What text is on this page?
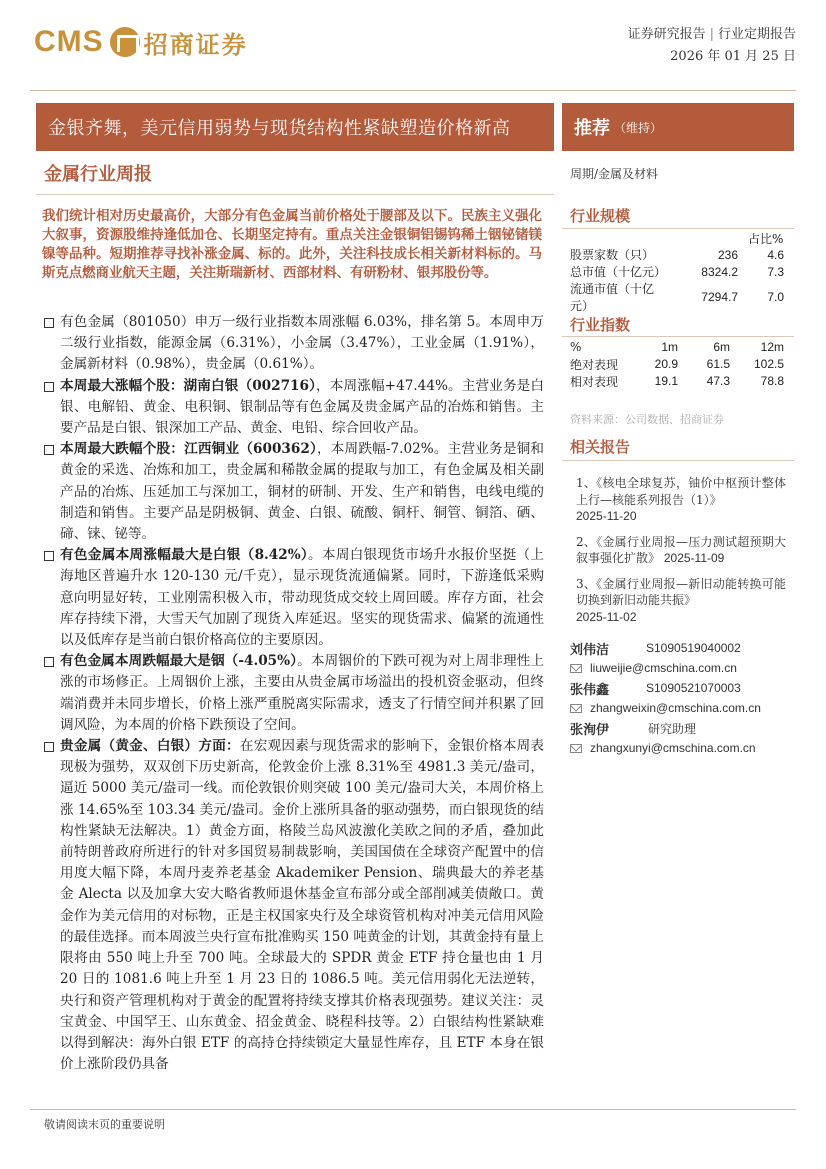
CMS 招商证券	证券研究报告 | 行业定期报告
2026 年 01 月 25 日
金银齐舞，美元信用弱势与现货结构性紧缺塑造价格新高	推荐 （维持）
金属行业周报	周期/金属及材料
我们统计相对历史最高价，大部分有色金属当前价格处于腰部及以下。民族主义强化大叙事，资源股维持逢低加仓、长期坚定持有。重点关注金银铜铝锡钨稀土铟铋锗镁镍等品种。短期推荐寻找补涨金属、标的。此外，关注科技成长相关新材料标的。马斯克点燃商业航天主题，关注斯瑞新材、西部材料、有研粉材、银邦股份等。
有色金属（801050）申万一级行业指数本周涨幅 6.03%，排名第 5。本周申万二级行业指数，能源金属（6.31%），小金属（3.47%），工业金属（1.91%），金属新材料（0.98%），贵金属（0.61%）。
本周最大涨幅个股：湖南白银（002716），本周涨幅+47.44%。主营业务是白银、电解铅、黄金、电积铜、银制品等有色金属及贵金属产品的冶炼和销售。主要产品是白银、银深加工产品、黄金、电铅、综合回收产品。
本周最大跌幅个股：江西铜业（600362），本周跌幅-7.02%。主营业务是铜和黄金的采选、冶炼和加工，贵金属和稀散金属的提取与加工，有色金属及相关副产品的冶炼、压延加工与深加工，铜材的研制、开发、生产和销售，电线电缆的制造和销售。主要产品是阴极铜、黄金、白银、硫酸、铜杆、铜管、铜箔、硒、碲、铼、铋等。
有色金属本周涨幅最大是白银（8.42%）。本周白银现货市场升水报价坚挺（上海地区普遍升水 120-130 元/千克），显示现货流通偏紧。同时，下游逢低采购意向明显好转，工业刚需积极入市，带动现货成交较上周回暖。库存方面，社会库存持续下滑，大雪天气加剧了现货入库延迟。坚实的现货需求、偏紧的流通性以及低库存是当前白银价格高位的主要原因。
有色金属本周跌幅最大是铟（-4.05%）。本周铟价的下跌可视为对上周非理性上涨的市场修正。上周铟价上涨，主要由从贵金属市场溢出的投机资金驱动，但终端消费并未同步增长，价格上涨严重脱离实际需求，透支了行情空间并积累了回调风险，为本周的价格下跌预设了空间。
贵金属（黄金、白银）方面：在宏观因素与现货需求的影响下，金银价格本周表现极为强势，双双创下历史新高，伦敦金价上涨 8.31%至 4981.3 美元/盎司，逼近 5000 美元/盎司一线。而伦敦银价则突破 100 美元/盎司大关，本周价格上涨 14.65%至 103.34 美元/盎司。金价上涨所具备的驱动强势，而白银现货的结构性紧缺无法解决。1）黄金方面，格陵兰岛风波激化美欧之间的矛盾，叠加此前特朗普政府所进行的针对多国贸易制裁影响，美国国债在全球资产配置中的信用度大幅下降，本周丹麦养老基金 Akademiker Pension、瑞典最大的养老基金 Alecta 以及加拿大安大略省教师退休基金宣布部分或全部削减美债敞口。黄金作为美元信用的对标物，正是主权国家央行及全球资管机构对冲美元信用风险的最佳选择。而本周波兰央行宣布批准购买 150 吨黄金的计划，其黄金持有量上限将由 550 吨上升至 700 吨。全球最大的 SPDR 黄金 ETF 持仓量也由 1 月 20 日的 1081.6 吨上升至 1 月 23 日的 1086.5 吨。美元信用弱化无法逆转，央行和资产管理机构对于黄金的配置将持续支撑其价格表现强势。建议关注：灵宝黄金、中国罕王、山东黄金、招金黄金、晓程科技等。2）白银结构性紧缺难以得到解决：海外白银 ETF 的高持仓持续锁定大量显性库存，且 ETF 本身在银价上涨阶段仍具备
行业规模
占比%
股票家数（只）	236	4.6
总市值（十亿元）	8324.2	7.3
流通市值（十亿元）	7294.7	7.0
行业指数
%	1m	6m	12m
绝对表现	20.9	61.5	102.5
相对表现	19.1	47.3	78.8
资料来源：公司数据、招商证券
相关报告
1、《核电全球复苏，铀价中枢预计整体上行—核能系列报告（1）》
2025-11-20
2、《金属行业周报—压力测试超预期大叙事强化扩散》 2025-11-09
3、《金属行业周报—新旧动能转换可能切换到新旧动能共振》
2025-11-02
刘伟洁	S1090519040002
liuweijie@cmschina.com.cn
张伟鑫	S1090521070003
zhangweixin@cmschina.com.cn
张洵伊	研究助理
zhangxunyi@cmschina.com.cn
敬请阅读末页的重要说明
